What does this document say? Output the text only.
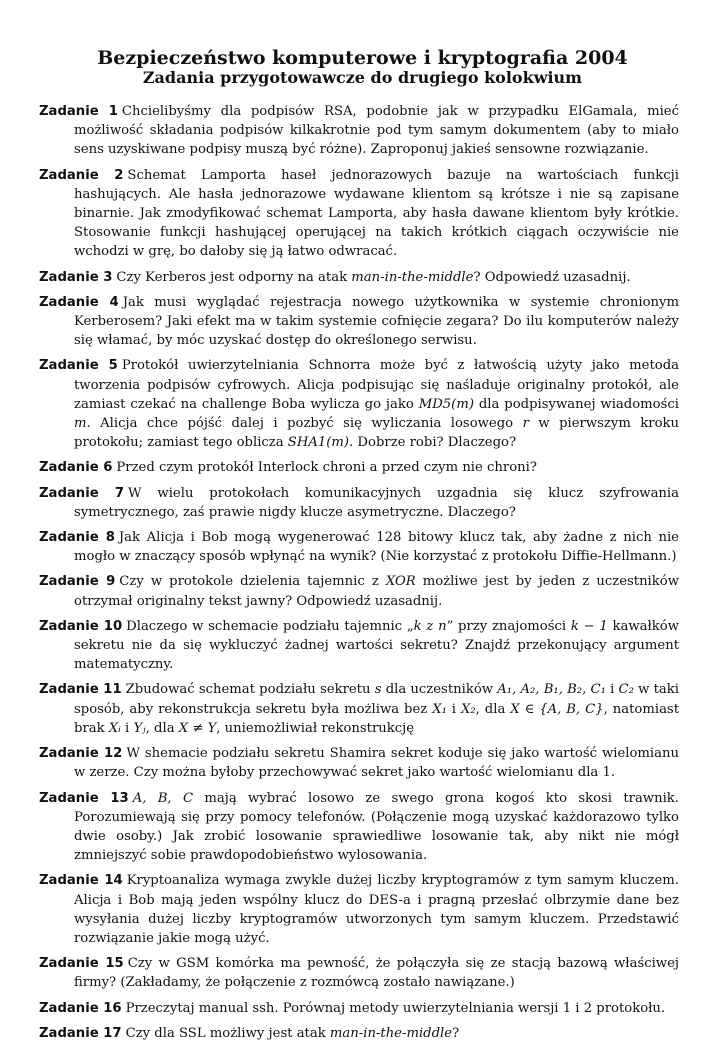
Bezpieczeństwo komputerowe i kryptografia 2004
Zadania przygotowawcze do drugiego kolokwium
Zadanie 1 Chcielibyśmy dla podpisów RSA, podobnie jak w przypadku ElGamala, mieć możliwość składania podpisów kilkakrotnie pod tym samym dokumentem (aby to miało sens uzyskiwane podpisy muszą być różne). Zaproponuj jakieś sensowne rozwiązanie.
Zadanie 2 Schemat Lamporta haseł jednorazowych bazuje na wartościach funkcji hashujących. Ale hasła jednorazowe wydawane klientom są krótsze i nie są zapisane binarnie. Jak zmodyfikować schemat Lamporta, aby hasła dawane klientom były krótkie. Stosowanie funkcji hashującej operującej na takich krótkich ciągach oczywiście nie wchodzi w grę, bo dałoby się ją łatwo odwracać.
Zadanie 3 Czy Kerberos jest odporny na atak man-in-the-middle? Odpowiedź uzasadnij.
Zadanie 4 Jak musi wyglądać rejestracja nowego użytkownika w systemie chronionym Kerberosem? Jaki efekt ma w takim systemie cofnięcie zegara? Do ilu komputerów należy się włamać, by móc uzyskać dostęp do określonego serwisu.
Zadanie 5 Protokół uwierzytelniania Schnorra może być z łatwością użyty jako metoda tworzenia podpisów cyfrowych. Alicja podpisując się naśladuje originalny protokół, ale zamiast czekać na challenge Boba wylicza go jako MD5(m) dla podpisywanej wiadomości m. Alicja chce pójść dalej i pozbyć się wyliczania losowego r w pierwszym kroku protokołu; zamiast tego oblicza SHA1(m). Dobrze robi? Dlaczego?
Zadanie 6 Przed czym protokół Interlock chroni a przed czym nie chroni?
Zadanie 7 W wielu protokołach komunikacyjnych uzgadnia się klucz szyfrowania symetrycznego, zaś prawie nigdy klucze asymetryczne. Dlaczego?
Zadanie 8 Jak Alicja i Bob mogą wygenerować 128 bitowy klucz tak, aby żadne z nich nie mogło w znaczący sposób wpłynąć na wynik? (Nie korzystać z protokołu Diffie-Hellmann.)
Zadanie 9 Czy w protokole dzielenia tajemnic z XOR możliwe jest by jeden z uczestników otrzymał originalny tekst jawny? Odpowiedź uzasadnij.
Zadanie 10 Dlaczego w schemacie podziału tajemnic „k z n” przy znajomości k − 1 kawałków sekretu nie da się wykluczyć żadnej wartości sekretu? Znajdź przekonujący argument matematyczny.
Zadanie 11 Zbudować schemat podziału sekretu s dla uczestników A₁, A₂, B₁, B₂, C₁ i C₂ w taki sposób, aby rekonstrukcja sekretu była możliwa bez X₁ i X₂, dla X ∈ {A, B, C}, natomiast brak Xᵢ i Yⱼ, dla X ≠ Y, uniemożliwiał rekonstrukcję
Zadanie 12 W shemacie podziału sekretu Shamira sekret koduje się jako wartość wielomianu w zerze. Czy można byłoby przechowywać sekret jako wartość wielomianu dla 1.
Zadanie 13 A, B, C mają wybrać losowo ze swego grona kogoś kto skosi trawnik. Porozumiewają się przy pomocy telefonów. (Połączenie mogą uzyskać każdorazowo tylko dwie osoby.) Jak zrobić losowanie sprawiedliwe losowanie tak, aby nikt nie mógł zmniejszyć sobie prawdopodobieństwo wylosowania.
Zadanie 14 Kryptoanaliza wymaga zwykle dużej liczby kryptogramów z tym samym kluczem. Alicja i Bob mają jeden wspólny klucz do DES-a i pragną przesłać olbrzymie dane bez wysyłania dużej liczby kryptogramów utworzonych tym samym kluczem. Przedstawić rozwiązanie jakie mogą użyć.
Zadanie 15 Czy w GSM komórka ma pewność, że połączyła się ze stacją bazową właściwej firmy? (Zakładamy, że połączenie z rozmówcą zostało nawiązane.)
Zadanie 16 Przeczytaj manual ssh. Porównaj metody uwierzytelniania wersji 1 i 2 protokołu.
Zadanie 17 Czy dla SSL możliwy jest atak man-in-the-middle?
